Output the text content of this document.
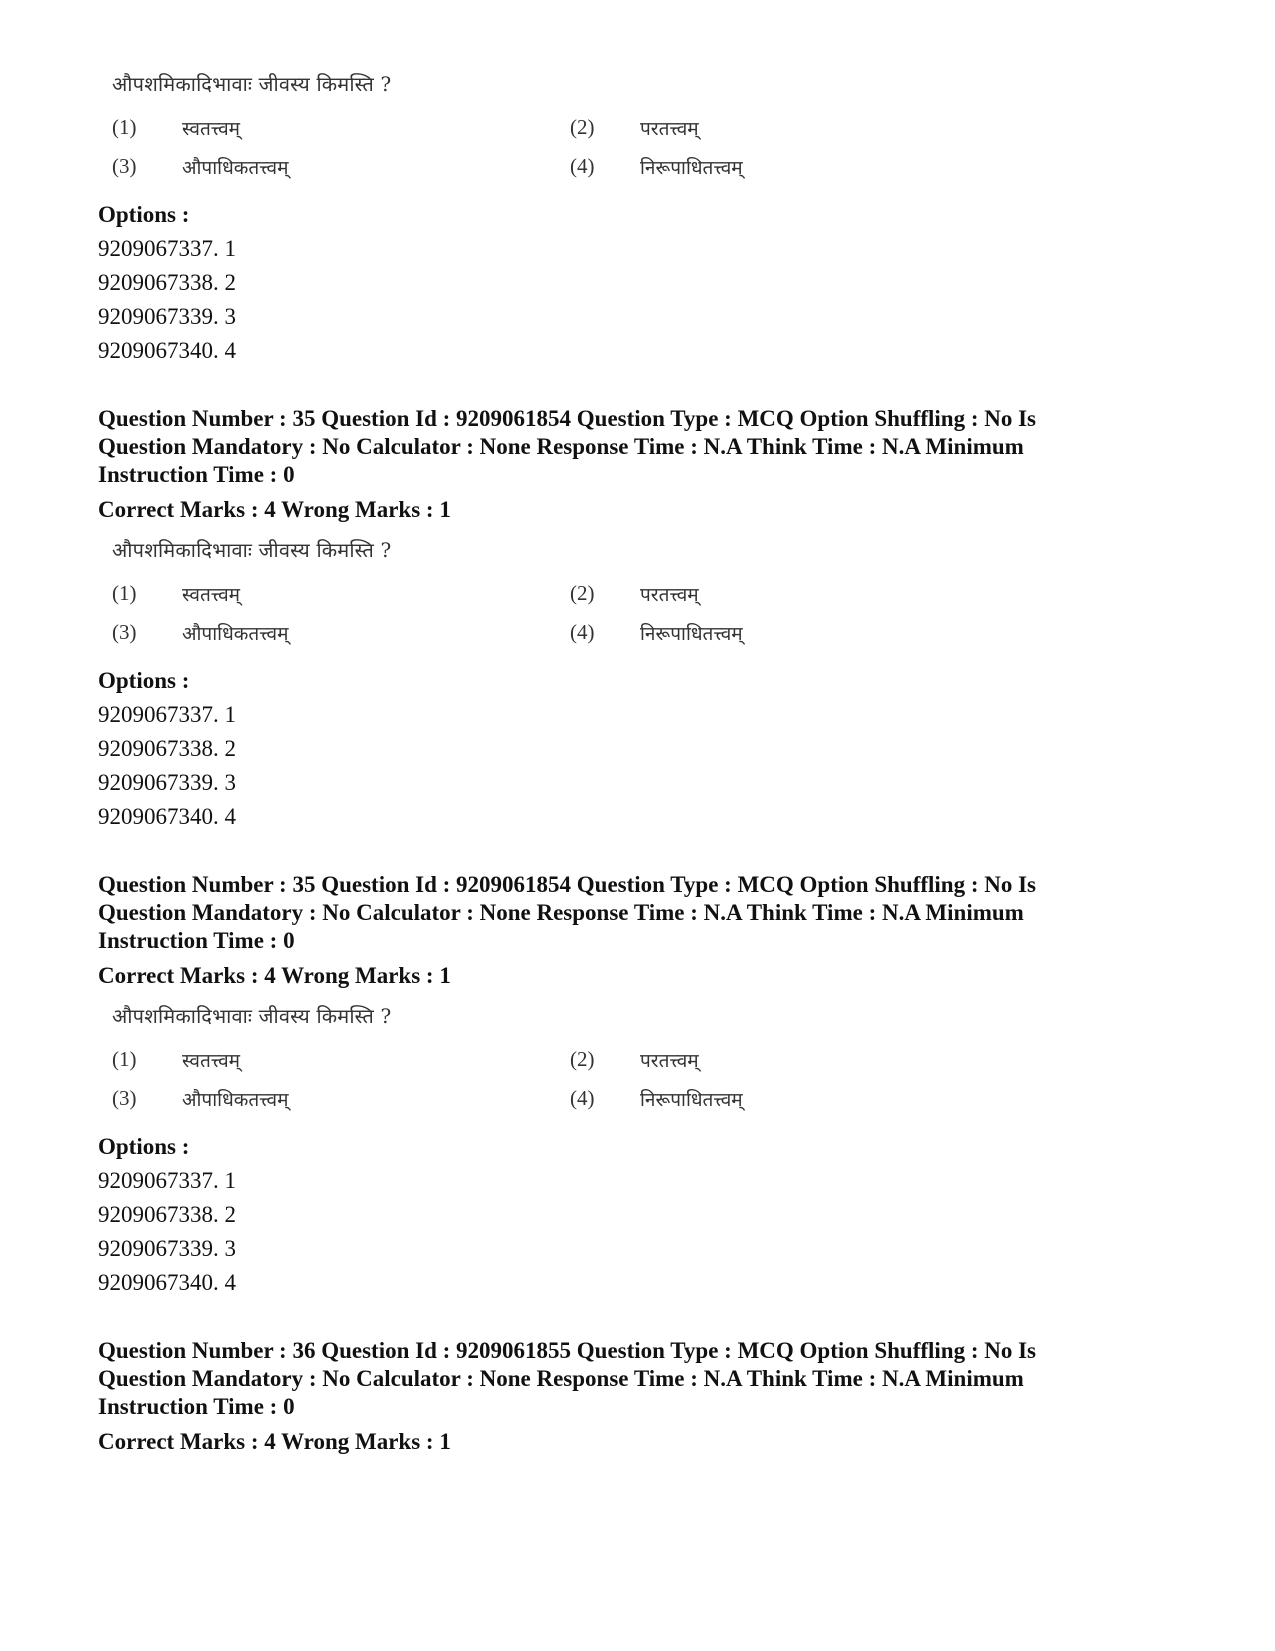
औपशमिकादिभावाः जीवस्य किमस्ति ?
(1) स्वतत्त्वम्	(2) परतत्त्वम्
(3) औपाधिकतत्त्वम्	(4) निरूपाधितत्त्वम्
Options :
9209067337. 1
9209067338. 2
9209067339. 3
9209067340. 4
Question Number : 35 Question Id : 9209061854 Question Type : MCQ Option Shuffling : No Is
Question Mandatory : No Calculator : None Response Time : N.A Think Time : N.A Minimum
Instruction Time : 0
Correct Marks : 4 Wrong Marks : 1
औपशमिकादिभावाः जीवस्य किमस्ति ?
(1) स्वतत्त्वम्	(2) परतत्त्वम्
(3) औपाधिकतत्त्वम्	(4) निरूपाधितत्त्वम्
Options :
9209067337. 1
9209067338. 2
9209067339. 3
9209067340. 4
Question Number : 35 Question Id : 9209061854 Question Type : MCQ Option Shuffling : No Is
Question Mandatory : No Calculator : None Response Time : N.A Think Time : N.A Minimum
Instruction Time : 0
Correct Marks : 4 Wrong Marks : 1
औपशमिकादिभावाः जीवस्य किमस्ति ?
(1) स्वतत्त्वम्	(2) परतत्त्वम्
(3) औपाधिकतत्त्वम्	(4) निरूपाधितत्त्वम्
Options :
9209067337. 1
9209067338. 2
9209067339. 3
9209067340. 4
Question Number : 36 Question Id : 9209061855 Question Type : MCQ Option Shuffling : No Is
Question Mandatory : No Calculator : None Response Time : N.A Think Time : N.A Minimum
Instruction Time : 0
Correct Marks : 4 Wrong Marks : 1
